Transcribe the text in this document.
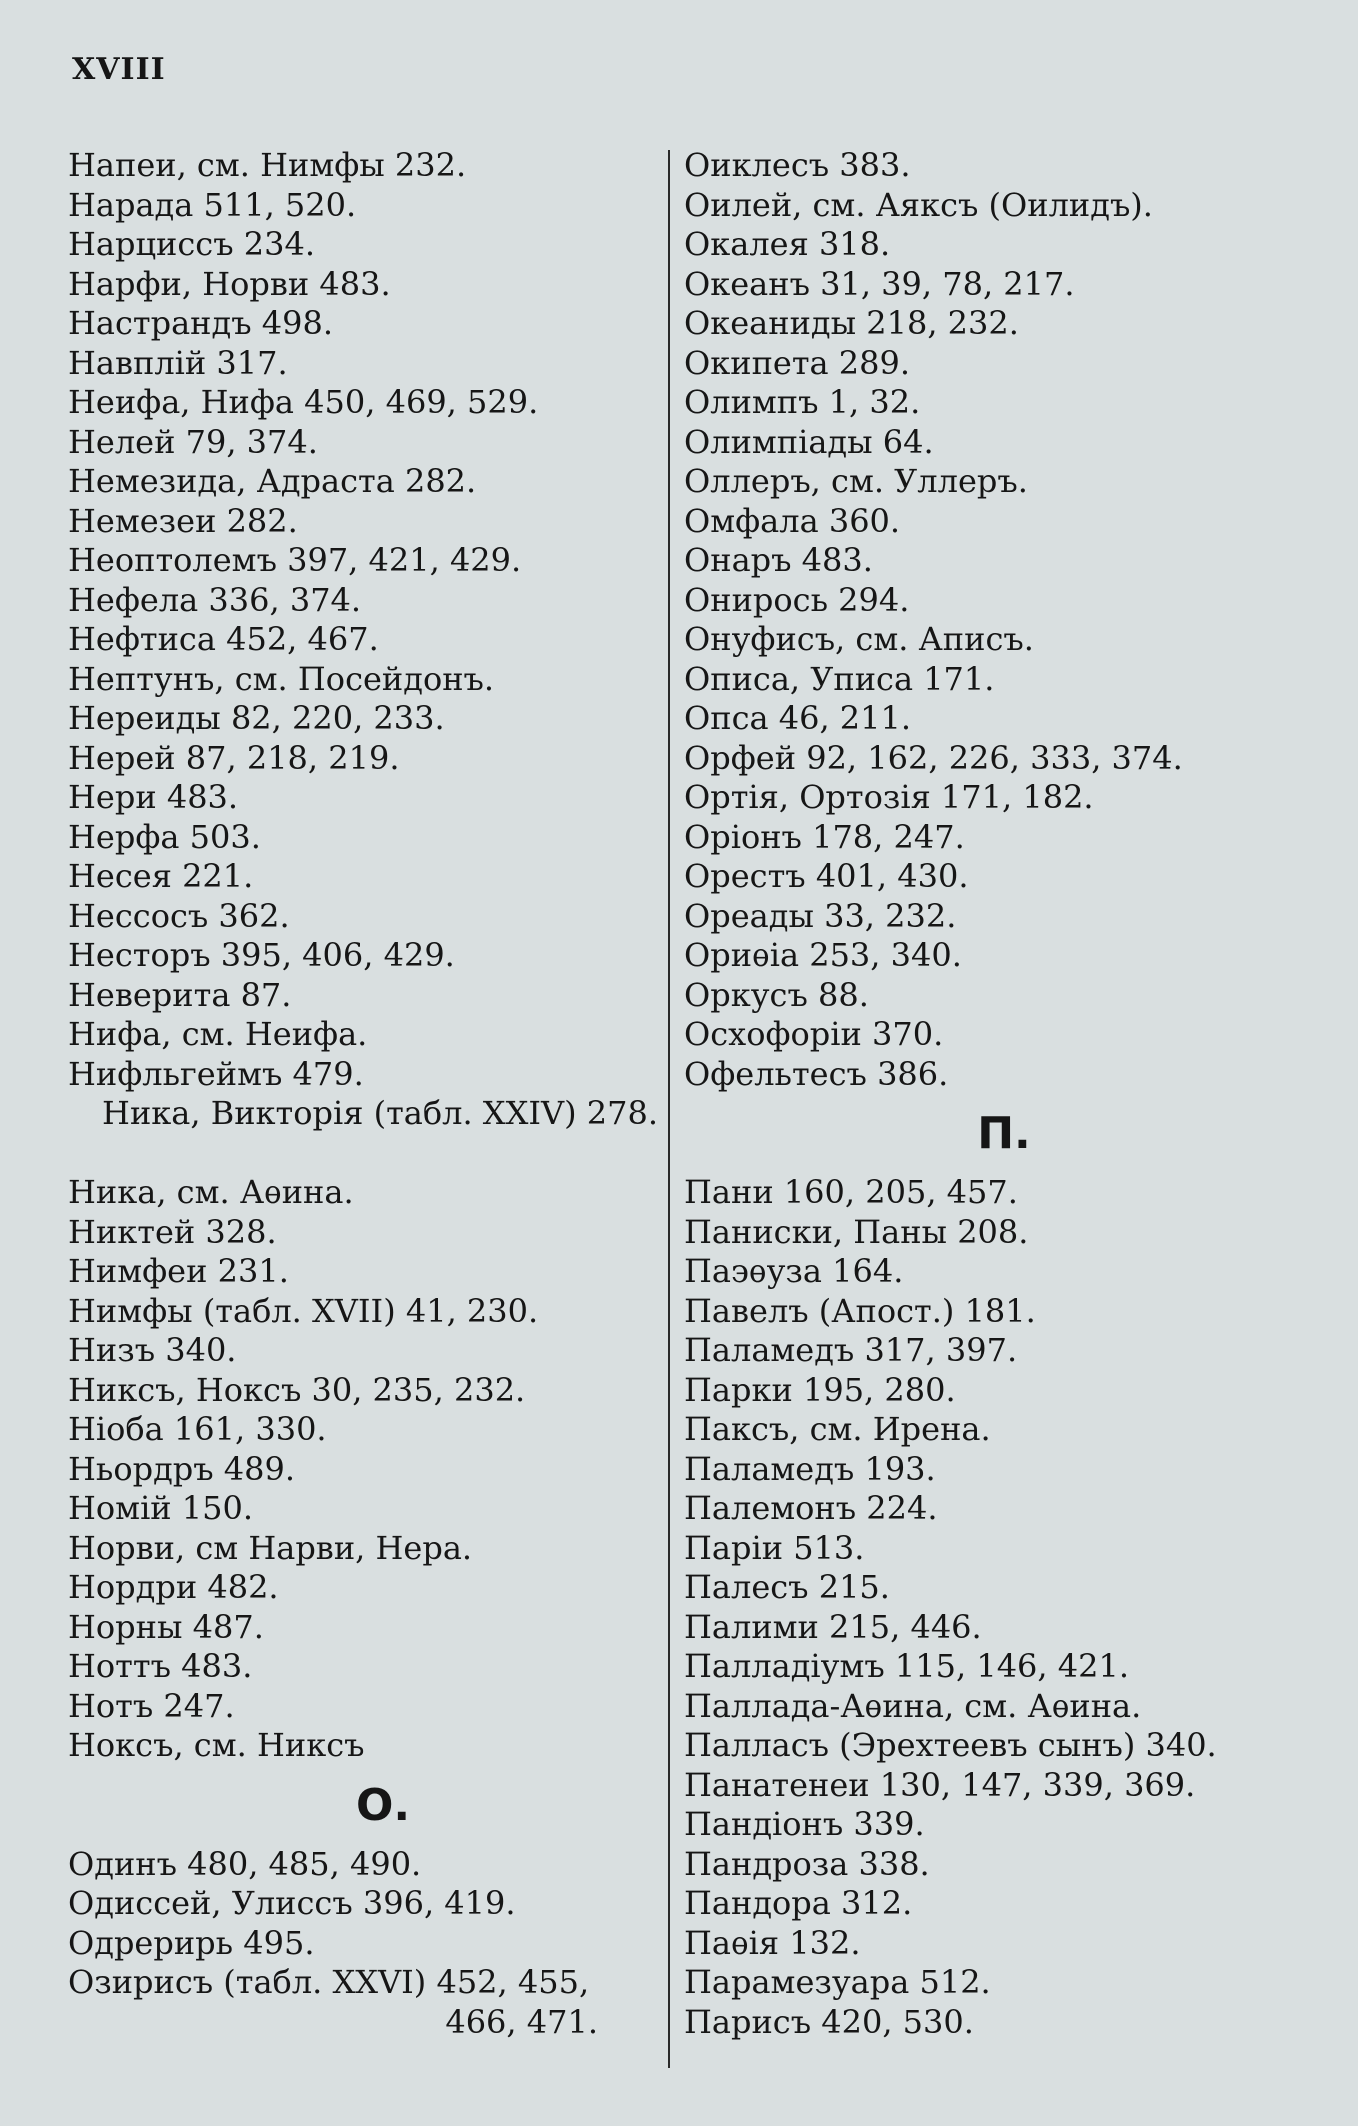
XVIII
Напеи, см. Нимфы 232.
Нарада 511, 520.
Нарциссъ 234.
Нарфи, Норви 483.
Настрандъ 498.
Навплій 317.
Неифа, Нифа 450, 469, 529.
Нелей 79, 374.
Немезида, Адраста 282.
Немезеи 282.
Неоптолемъ 397, 421, 429.
Нефела 336, 374.
Нефтиса 452, 467.
Нептунъ, см. Посейдонъ.
Нереиды 82, 220, 233.
Нерей 87, 218, 219.
Нери 483.
Нерфа 503.
Несея 221.
Нессосъ 362.
Несторъ 395, 406, 429.
Неверита 87.
Нифа, см. Неифа.
Нифльгеймъ 479.
Ника, Викторія (табл. XXIV) 278.
Ника, см. Аѳина.
Никтей 328.
Нимфеи 231.
Нимфы (табл. XVII) 41, 230.
Низъ 340.
Никсъ, Ноксъ 30, 235, 232.
Ніоба 161, 330.
Ньордръ 489.
Номій 150.
Норви, см Нарви, Нера.
Нордри 482.
Норны 487.
Ноттъ 483.
Нотъ 247.
Ноксъ, см. Никсъ
О.
Одинъ 480, 485, 490.
Одиссей, Улиссъ 396, 419.
Одрерирь 495.
Озирисъ (табл. XXVI) 452, 455,
466, 471.
Оиклесъ 383.
Оилей, см. Аяксъ (Оилидъ).
Окалея 318.
Океанъ 31, 39, 78, 217.
Океаниды 218, 232.
Окипета 289.
Олимпъ 1, 32.
Олимпіады 64.
Оллеръ, см. Уллеръ.
Омфала 360.
Онаръ 483.
Онирось 294.
Онуфисъ, см. Аписъ.
Описа, Уписа 171.
Опса 46, 211.
Орфей 92, 162, 226, 333, 374.
Ортія, Ортозія 171, 182.
Оріонъ 178, 247.
Орестъ 401, 430.
Ореады 33, 232.
Ориѳіа 253, 340.
Оркусъ 88.
Осхофоріи 370.
Офельтесъ 386.
П.
Пани 160, 205, 457.
Паниски, Паны 208.
Паэѳуза 164.
Павелъ (Апост.) 181.
Паламедъ 317, 397.
Парки 195, 280.
Паксъ, см. Ирена.
Паламедъ 193.
Палемонъ 224.
Паріи 513.
Палесъ 215.
Палими 215, 446.
Палладіумъ 115, 146, 421.
Паллада-Аѳина, см. Аѳина.
Палласъ (Эрехтеевъ сынъ) 340.
Панатенеи 130, 147, 339, 369.
Пандіонъ 339.
Пандроза 338.
Пандора 312.
Паѳія 132.
Парамезуара 512.
Парисъ 420, 530.
